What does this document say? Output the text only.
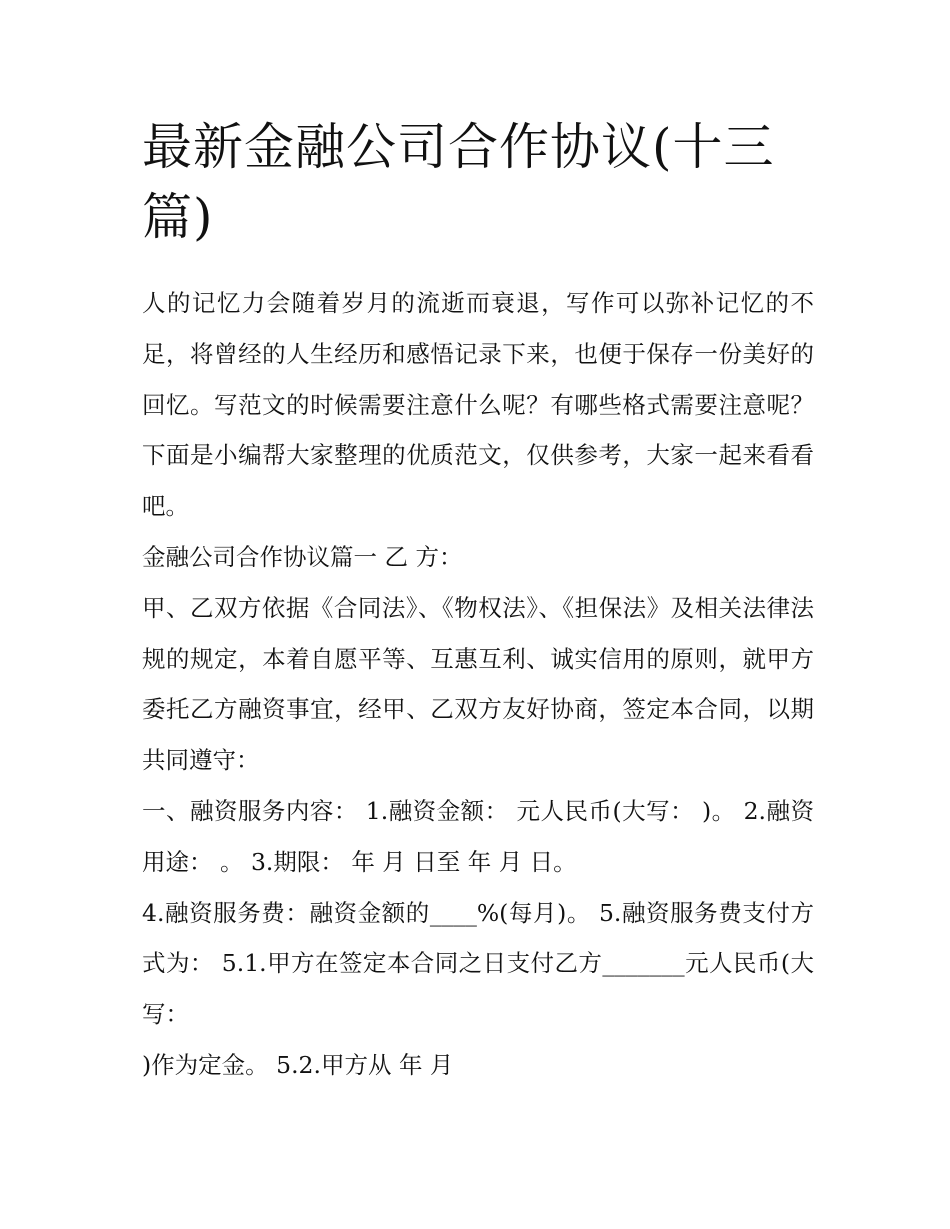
最新金融公司合作协议(十三
篇)

人的记忆力会随着岁月的流逝而衰退，写作可以弥补记忆的不足，将曾经的人生经历和感悟记录下来，也便于保存一份美好的回忆。写范文的时候需要注意什么呢？有哪些格式需要注意呢？下面是小编帮大家整理的优质范文，仅供参考，大家一起来看看吧。

金融公司合作协议篇一 乙 方：

甲、乙双方依据《合同法》、《物权法》、《担保法》及相关法律法规的规定，本着自愿平等、互惠互利、诚实信用的原则，就甲方委托乙方融资事宜，经甲、乙双方友好协商，签定本合同，以期共同遵守：

一、融资服务内容： 1.融资金额： 元人民币(大写： )。 2.融资用途： 。 3.期限： 年 月 日至 年 月 日。

4.融资服务费：融资金额的____%(每月)。 5.融资服务费支付方式为： 5.1.甲方在签定本合同之日支付乙方_______元人民币(大写：

)作为定金。 5.2.甲方从 年 月
